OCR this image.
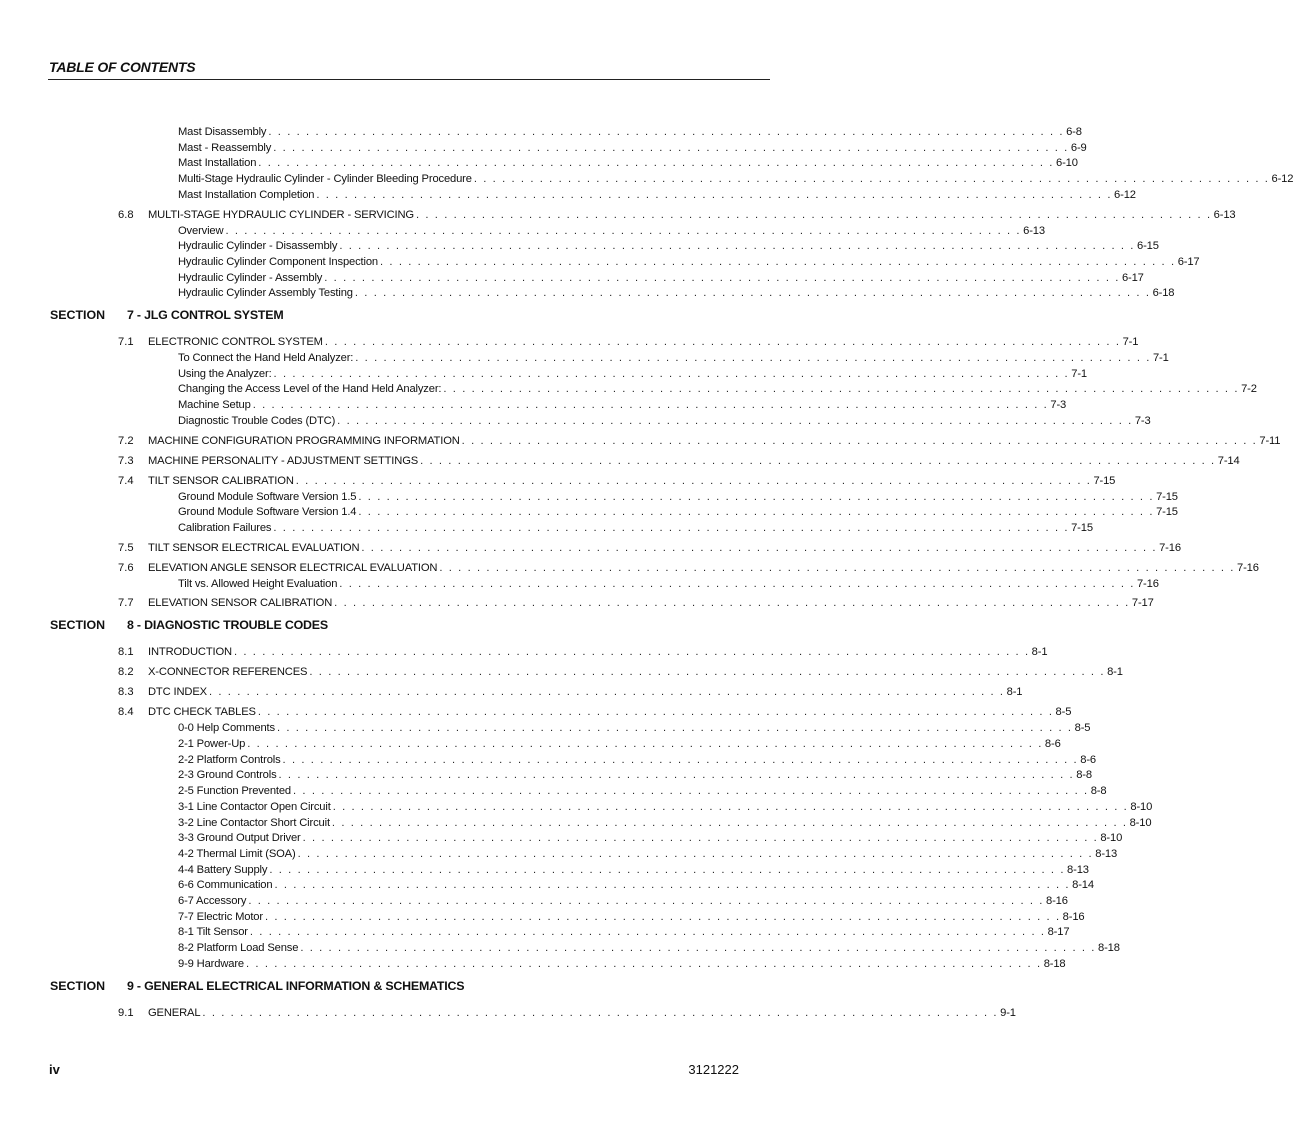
TABLE OF CONTENTS
Mast Disassembly . . . . . . . . . . . . . . . . . . . . . . . . . . . . . . . . . . . . . . . . . . . . . . . . . . . . . . . . . . . . . . . . . . . . . . . . . . . . . . . . . . . . . 6-8
Mast - Reassembly . . . . . . . . . . . . . . . . . . . . . . . . . . . . . . . . . . . . . . . . . . . . . . . . . . . . . . . . . . . . . . . . . . . . . . . . . . . . . . . . . . . . . 6-9
Mast Installation . . . . . . . . . . . . . . . . . . . . . . . . . . . . . . . . . . . . . . . . . . . . . . . . . . . . . . . . . . . . . . . . . . . . . . . . . . . . . . . . . . . . . 6-10
Multi-Stage Hydraulic Cylinder - Cylinder Bleeding Procedure . . . . . . . . . . . . . . . . . . . . . . . . . . . . . . . . . . . . . . . . . . . . . . . . . . . . . . . . . . . . . . . . . . . . . . . . . . . . . . . . . . . . . 6-12
Mast Installation Completion . . . . . . . . . . . . . . . . . . . . . . . . . . . . . . . . . . . . . . . . . . . . . . . . . . . . . . . . . . . . . . . . . . . . . . . . . . . . . . . . . . . . . 6-12
6.8 MULTI-STAGE HYDRAULIC CYLINDER - SERVICING . . . . . . . . . . . . . . . . . . . . . . . . . . . . . . . . . . . . . . . . . . . . . . . . . . . . . . . . . . . . . . . . . . . . . . . . . . . . . . . . . . . . . 6-13
Overview . . . . . . . . . . . . . . . . . . . . . . . . . . . . . . . . . . . . . . . . . . . . . . . . . . . . . . . . . . . . . . . . . . . . . . . . . . . . . . . . . . . . . 6-13
Hydraulic Cylinder - Disassembly . . . . . . . . . . . . . . . . . . . . . . . . . . . . . . . . . . . . . . . . . . . . . . . . . . . . . . . . . . . . . . . . . . . . . . . . . . . . . . . . . . . . . 6-15
Hydraulic Cylinder Component Inspection . . . . . . . . . . . . . . . . . . . . . . . . . . . . . . . . . . . . . . . . . . . . . . . . . . . . . . . . . . . . . . . . . . . . . . . . . . . . . . . . . . . . . 6-17
Hydraulic Cylinder - Assembly . . . . . . . . . . . . . . . . . . . . . . . . . . . . . . . . . . . . . . . . . . . . . . . . . . . . . . . . . . . . . . . . . . . . . . . . . . . . . . . . . . . . . 6-17
Hydraulic Cylinder Assembly Testing . . . . . . . . . . . . . . . . . . . . . . . . . . . . . . . . . . . . . . . . . . . . . . . . . . . . . . . . . . . . . . . . . . . . . . . . . . . . . . . . . . . . . 6-18
SECTION 7 - JLG CONTROL SYSTEM
7.1 ELECTRONIC CONTROL SYSTEM . . . . . . . . . . . . . . . . . . . . . . . . . . . . . . . . . . . . . . . . . . . . . . . . . . . . . . . . . . . . . . . . . . . . . . . . . . . . . . . . . . . . . 7-1
To Connect the Hand Held Analyzer: . . . . . . . . . . . . . . . . . . . . . . . . . . . . . . . . . . . . . . . . . . . . . . . . . . . . . . . . . . . . . . . . . . . . . . . . . . . . . . . . . . . . . 7-1
Using the Analyzer: . . . . . . . . . . . . . . . . . . . . . . . . . . . . . . . . . . . . . . . . . . . . . . . . . . . . . . . . . . . . . . . . . . . . . . . . . . . . . . . . . . . . . 7-1
Changing the Access Level of the Hand Held Analyzer: . . . . . . . . . . . . . . . . . . . . . . . . . . . . . . . . . . . . . . . . . . . . . . . . . . . . . . . . . . . . . . . . . . . . . . . . . . . . . . . . . . . . . 7-2
Machine Setup . . . . . . . . . . . . . . . . . . . . . . . . . . . . . . . . . . . . . . . . . . . . . . . . . . . . . . . . . . . . . . . . . . . . . . . . . . . . . . . . . . . . . 7-3
Diagnostic Trouble Codes (DTC) . . . . . . . . . . . . . . . . . . . . . . . . . . . . . . . . . . . . . . . . . . . . . . . . . . . . . . . . . . . . . . . . . . . . . . . . . . . . . . . . . . . . . 7-3
7.2 MACHINE CONFIGURATION PROGRAMMING INFORMATION . . . . . . . . . . . . . . . . . . . . . . . . . . . . . . . . . . . . . . . . . . . . . . . . . . . . . . . . . . . . . . . . . . . . . . . . . . . . . . . . . . . . . 7-11
7.3 MACHINE PERSONALITY - ADJUSTMENT SETTINGS . . . . . . . . . . . . . . . . . . . . . . . . . . . . . . . . . . . . . . . . . . . . . . . . . . . . . . . . . . . . . . . . . . . . . . . . . . . . . . . . . . . . . 7-14
7.4 TILT SENSOR CALIBRATION . . . . . . . . . . . . . . . . . . . . . . . . . . . . . . . . . . . . . . . . . . . . . . . . . . . . . . . . . . . . . . . . . . . . . . . . . . . . . . . . . . . . . 7-15
Ground Module Software Version 1.5 . . . . . . . . . . . . . . . . . . . . . . . . . . . . . . . . . . . . . . . . . . . . . . . . . . . . . . . . . . . . . . . . . . . . . . . . . . . . . . . . . . . . . 7-15
Ground Module Software Version 1.4 . . . . . . . . . . . . . . . . . . . . . . . . . . . . . . . . . . . . . . . . . . . . . . . . . . . . . . . . . . . . . . . . . . . . . . . . . . . . . . . . . . . . . 7-15
Calibration Failures . . . . . . . . . . . . . . . . . . . . . . . . . . . . . . . . . . . . . . . . . . . . . . . . . . . . . . . . . . . . . . . . . . . . . . . . . . . . . . . . . . . . . 7-15
7.5 TILT SENSOR ELECTRICAL EVALUATION . . . . . . . . . . . . . . . . . . . . . . . . . . . . . . . . . . . . . . . . . . . . . . . . . . . . . . . . . . . . . . . . . . . . . . . . . . . . . . . . . . . . . 7-16
7.6 ELEVATION ANGLE SENSOR ELECTRICAL EVALUATION . . . . . . . . . . . . . . . . . . . . . . . . . . . . . . . . . . . . . . . . . . . . . . . . . . . . . . . . . . . . . . . . . . . . . . . . . . . . . . . . . . . . . 7-16
Tilt vs. Allowed Height Evaluation . . . . . . . . . . . . . . . . . . . . . . . . . . . . . . . . . . . . . . . . . . . . . . . . . . . . . . . . . . . . . . . . . . . . . . . . . . . . . . . . . . . . . 7-16
7.7 ELEVATION SENSOR CALIBRATION . . . . . . . . . . . . . . . . . . . . . . . . . . . . . . . . . . . . . . . . . . . . . . . . . . . . . . . . . . . . . . . . . . . . . . . . . . . . . . . . . . . . . 7-17
SECTION 8 - DIAGNOSTIC TROUBLE CODES
8.1 INTRODUCTION . . . . . . . . . . . . . . . . . . . . . . . . . . . . . . . . . . . . . . . . . . . . . . . . . . . . . . . . . . . . . . . . . . . . . . . . . . . . . . . . . . . . . 8-1
8.2 X-CONNECTOR REFERENCES . . . . . . . . . . . . . . . . . . . . . . . . . . . . . . . . . . . . . . . . . . . . . . . . . . . . . . . . . . . . . . . . . . . . . . . . . . . . . . . . . . . . . 8-1
8.3 DTC INDEX . . . . . . . . . . . . . . . . . . . . . . . . . . . . . . . . . . . . . . . . . . . . . . . . . . . . . . . . . . . . . . . . . . . . . . . . . . . . . . . . . . . . . 8-1
8.4 DTC CHECK TABLES . . . . . . . . . . . . . . . . . . . . . . . . . . . . . . . . . . . . . . . . . . . . . . . . . . . . . . . . . . . . . . . . . . . . . . . . . . . . . . . . . . . . . 8-5
0-0 Help Comments . . . . . . . . . . . . . . . . . . . . . . . . . . . . . . . . . . . . . . . . . . . . . . . . . . . . . . . . . . . . . . . . . . . . . . . . . . . . . . . . . . . . . 8-5
2-1 Power-Up . . . . . . . . . . . . . . . . . . . . . . . . . . . . . . . . . . . . . . . . . . . . . . . . . . . . . . . . . . . . . . . . . . . . . . . . . . . . . . . . . . . . . 8-6
2-2 Platform Controls . . . . . . . . . . . . . . . . . . . . . . . . . . . . . . . . . . . . . . . . . . . . . . . . . . . . . . . . . . . . . . . . . . . . . . . . . . . . . . . . . . . . . 8-6
2-3 Ground Controls . . . . . . . . . . . . . . . . . . . . . . . . . . . . . . . . . . . . . . . . . . . . . . . . . . . . . . . . . . . . . . . . . . . . . . . . . . . . . . . . . . . . . 8-8
2-5 Function Prevented . . . . . . . . . . . . . . . . . . . . . . . . . . . . . . . . . . . . . . . . . . . . . . . . . . . . . . . . . . . . . . . . . . . . . . . . . . . . . . . . . . . . . 8-8
3-1 Line Contactor Open Circuit . . . . . . . . . . . . . . . . . . . . . . . . . . . . . . . . . . . . . . . . . . . . . . . . . . . . . . . . . . . . . . . . . . . . . . . . . . . . . . . . . . . . . 8-10
3-2 Line Contactor Short Circuit . . . . . . . . . . . . . . . . . . . . . . . . . . . . . . . . . . . . . . . . . . . . . . . . . . . . . . . . . . . . . . . . . . . . . . . . . . . . . . . . . . . . . 8-10
3-3 Ground Output Driver . . . . . . . . . . . . . . . . . . . . . . . . . . . . . . . . . . . . . . . . . . . . . . . . . . . . . . . . . . . . . . . . . . . . . . . . . . . . . . . . . . . . . 8-10
4-2 Thermal Limit (SOA) . . . . . . . . . . . . . . . . . . . . . . . . . . . . . . . . . . . . . . . . . . . . . . . . . . . . . . . . . . . . . . . . . . . . . . . . . . . . . . . . . . . . . 8-13
4-4 Battery Supply . . . . . . . . . . . . . . . . . . . . . . . . . . . . . . . . . . . . . . . . . . . . . . . . . . . . . . . . . . . . . . . . . . . . . . . . . . . . . . . . . . . . . 8-13
6-6 Communication . . . . . . . . . . . . . . . . . . . . . . . . . . . . . . . . . . . . . . . . . . . . . . . . . . . . . . . . . . . . . . . . . . . . . . . . . . . . . . . . . . . . . 8-14
6-7 Accessory . . . . . . . . . . . . . . . . . . . . . . . . . . . . . . . . . . . . . . . . . . . . . . . . . . . . . . . . . . . . . . . . . . . . . . . . . . . . . . . . . . . . . 8-16
7-7 Electric Motor . . . . . . . . . . . . . . . . . . . . . . . . . . . . . . . . . . . . . . . . . . . . . . . . . . . . . . . . . . . . . . . . . . . . . . . . . . . . . . . . . . . . . 8-16
8-1 Tilt Sensor . . . . . . . . . . . . . . . . . . . . . . . . . . . . . . . . . . . . . . . . . . . . . . . . . . . . . . . . . . . . . . . . . . . . . . . . . . . . . . . . . . . . . 8-17
8-2 Platform Load Sense . . . . . . . . . . . . . . . . . . . . . . . . . . . . . . . . . . . . . . . . . . . . . . . . . . . . . . . . . . . . . . . . . . . . . . . . . . . . . . . . . . . . . 8-18
9-9 Hardware . . . . . . . . . . . . . . . . . . . . . . . . . . . . . . . . . . . . . . . . . . . . . . . . . . . . . . . . . . . . . . . . . . . . . . . . . . . . . . . . . . . . . 8-18
SECTION 9 - GENERAL ELECTRICAL INFORMATION & SCHEMATICS
9.1 GENERAL . . . . . . . . . . . . . . . . . . . . . . . . . . . . . . . . . . . . . . . . . . . . . . . . . . . . . . . . . . . . . . . . . . . . . . . . . . . . . . . . . . . . . 9-1
iv	3121222
